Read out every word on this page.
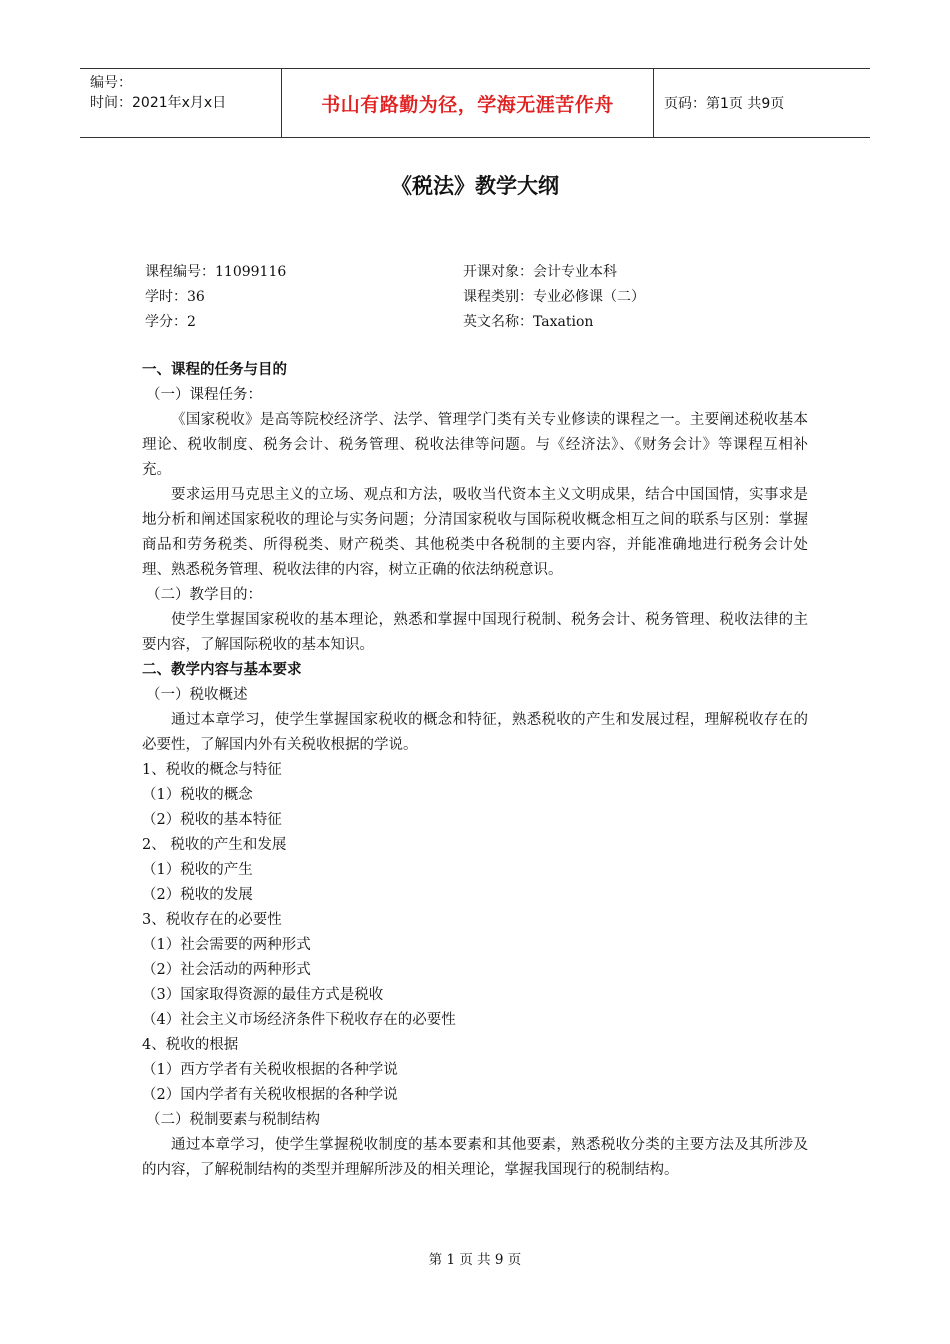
编号：
时间：2021年x月x日	书山有路勤为径，学海无涯苦作舟	页码：第1页 共9页
《税法》教学大纲
课程编号：11099116	开课对象：会计专业本科
学时：36	课程类别：专业必修课（二）
学分：2	英文名称：Taxation
一、课程的任务与目的
（一）课程任务：
《国家税收》是高等院校经济学、法学、管理学门类有关专业修读的课程之一。主要阐述税收基本理论、税收制度、税务会计、税务管理、税收法律等问题。与《经济法》、《财务会计》等课程互相补充。
要求运用马克思主义的立场、观点和方法，吸收当代资本主义文明成果，结合中国国情，实事求是地分析和阐述国家税收的理论与实务问题；分清国家税收与国际税收概念相互之间的联系与区别：掌握商品和劳务税类、所得税类、财产税类、其他税类中各税制的主要内容，并能准确地进行税务会计处理、熟悉税务管理、税收法律的内容，树立正确的依法纳税意识。
（二）教学目的：
使学生掌握国家税收的基本理论，熟悉和掌握中国现行税制、税务会计、税务管理、税收法律的主要内容，了解国际税收的基本知识。
二、教学内容与基本要求
（一）税收概述
通过本章学习，使学生掌握国家税收的概念和特征，熟悉税收的产生和发展过程，理解税收存在的必要性，了解国内外有关税收根据的学说。
1、税收的概念与特征
（1）税收的概念
（2）税收的基本特征
2、 税收的产生和发展
（1）税收的产生
（2）税收的发展
3、税收存在的必要性
（1）社会需要的两种形式
（2）社会活动的两种形式
（3）国家取得资源的最佳方式是税收
（4）社会主义市场经济条件下税收存在的必要性
4、税收的根据
（1）西方学者有关税收根据的各种学说
（2）国内学者有关税收根据的各种学说
（二）税制要素与税制结构
通过本章学习，使学生掌握税收制度的基本要素和其他要素，熟悉税收分类的主要方法及其所涉及的内容，了解税制结构的类型并理解所涉及的相关理论，掌握我国现行的税制结构。
第 1 页 共 9 页
